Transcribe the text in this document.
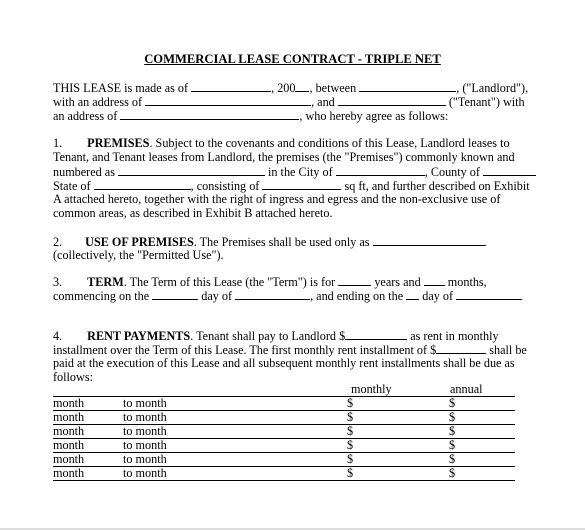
COMMERCIAL LEASE CONTRACT - TRIPLE NET
THIS LEASE is made as of	, 200 , between	, ("Landlord"),
with an address of	, and	("Tenant") with
an address of	, who hereby agree as follows:
1. PREMISES. Subject to the covenants and conditions of this Lease, Landlord leases to
Tenant, and Tenant leases from Landlord, the premises (the "Premises") commonly known and
numbered as	in the City of	, County of
State of	, consisting of	sq ft, and further described on Exhibit
A attached hereto, together with the right of ingress and egress and the non-exclusive use of
common areas, as described in Exhibit B attached hereto.
2. USE OF PREMISES. The Premises shall be used only as
(collectively, the "Permitted Use").
3. TERM. The Term of this Lease (the "Term") is for	years and months,
commencing on the	day of	, and ending on the day of
4. RENT PAYMENTS. Tenant shall pay to Landlord $	as rent in monthly
installment over the Term of this Lease. The first monthly rent installment of $	shall be
paid at the execution of this Lease and all subsequent monthly rent installments shall be due as
follows:
monthly	annual
month	to month	$	$
month	to month	$	$
month	to month	$	$
month	to month	$	$
month	to month	$	$
month	to month	$	$
